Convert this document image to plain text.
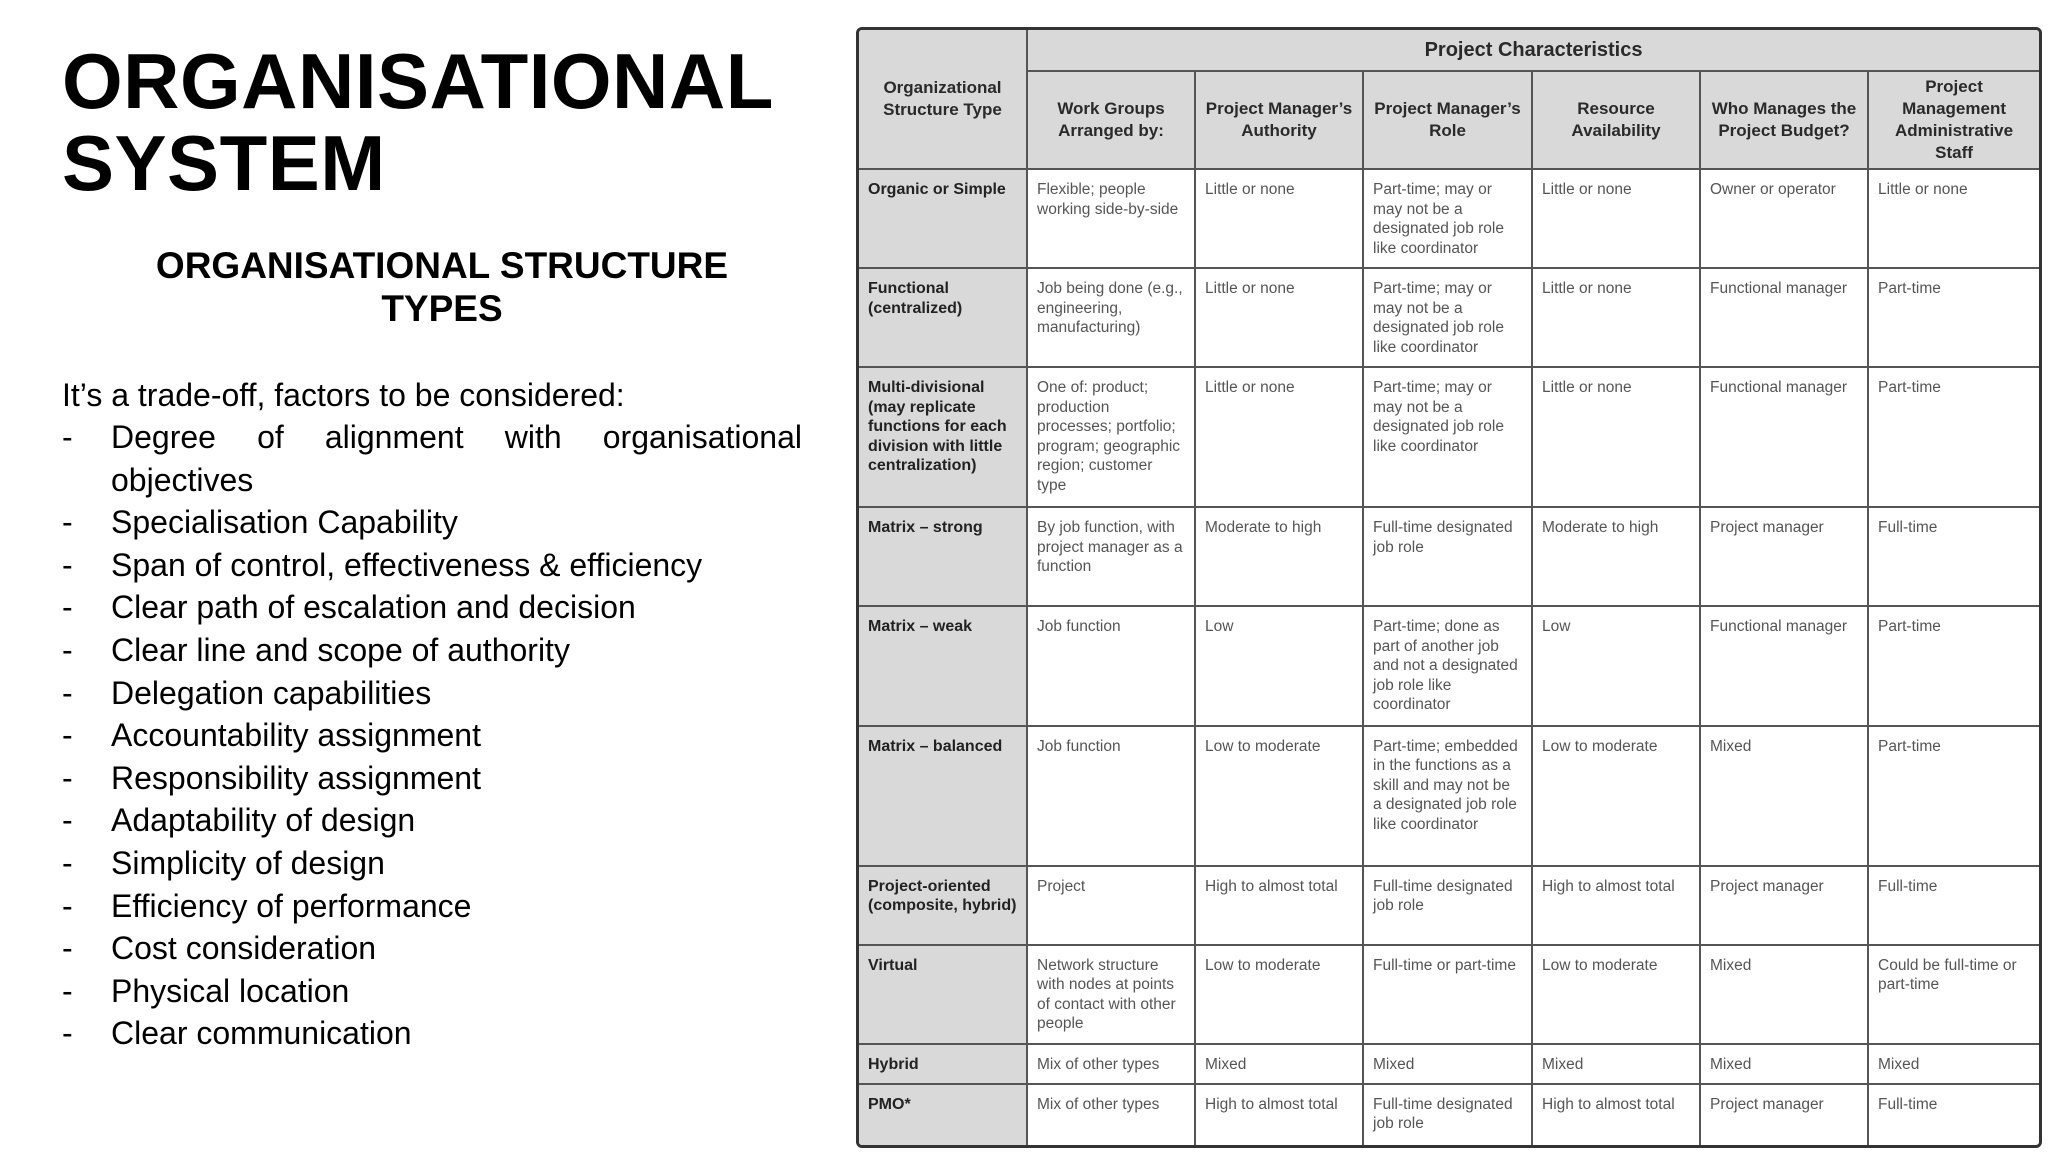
ORGANISATIONAL
SYSTEM
ORGANISATIONAL STRUCTURE
TYPES

It’s a trade-off, factors to be considered:

-	Degree of alignment with organisational objectives
-	Specialisation Capability
-	Span of control, effectiveness & efficiency
-	Clear path of escalation and decision
-	Clear line and scope of authority
-	Delegation capabilities
-	Accountability assignment
-	Responsibility assignment
-	Adaptability of design
-	Simplicity of design
-	Efficiency of performance
-	Cost consideration
-	Physical location
-	Clear communication
Organizational Structure Type	Project Characteristics					
	Work Groups Arranged by:	Project Manager’s Authority	Project Manager’s Role	Resource Availability	Who Manages the Project Budget?	Project Management Administrative Staff
Organic or Simple	Flexible; people working side-by-side	Little or none	Part-time; may or may not be a designated job role like coordinator	Little or none	Owner or operator	Little or none
Functional (centralized)	Job being done (e.g., engineering, manufacturing)	Little or none	Part-time; may or may not be a designated job role like coordinator	Little or none	Functional manager	Part-time
Multi-divisional (may replicate functions for each division with little centralization)	One of: product; production processes; portfolio; program; geographic region; customer type	Little or none	Part-time; may or may not be a designated job role like coordinator	Little or none	Functional manager	Part-time
Matrix – strong	By job function, with project manager as a function	Moderate to high	Full-time designated job role	Moderate to high	Project manager	Full-time
Matrix – weak	Job function	Low	Part-time; done as part of another job and not a designated job role like coordinator	Low	Functional manager	Part-time
Matrix – balanced	Job function	Low to moderate	Part-time; embedded in the functions as a skill and may not be a designated job role like coordinator	Low to moderate	Mixed	Part-time
Project-oriented (composite, hybrid)	Project	High to almost total	Full-time designated job role	High to almost total	Project manager	Full-time
Virtual	Network structure with nodes at points of contact with other people	Low to moderate	Full-time or part-time	Low to moderate	Mixed	Could be full-time or part-time
Hybrid	Mix of other types	Mixed	Mixed	Mixed	Mixed	Mixed
PMO*	Mix of other types	High to almost total	Full-time designated job role	High to almost total	Project manager	Full-time
